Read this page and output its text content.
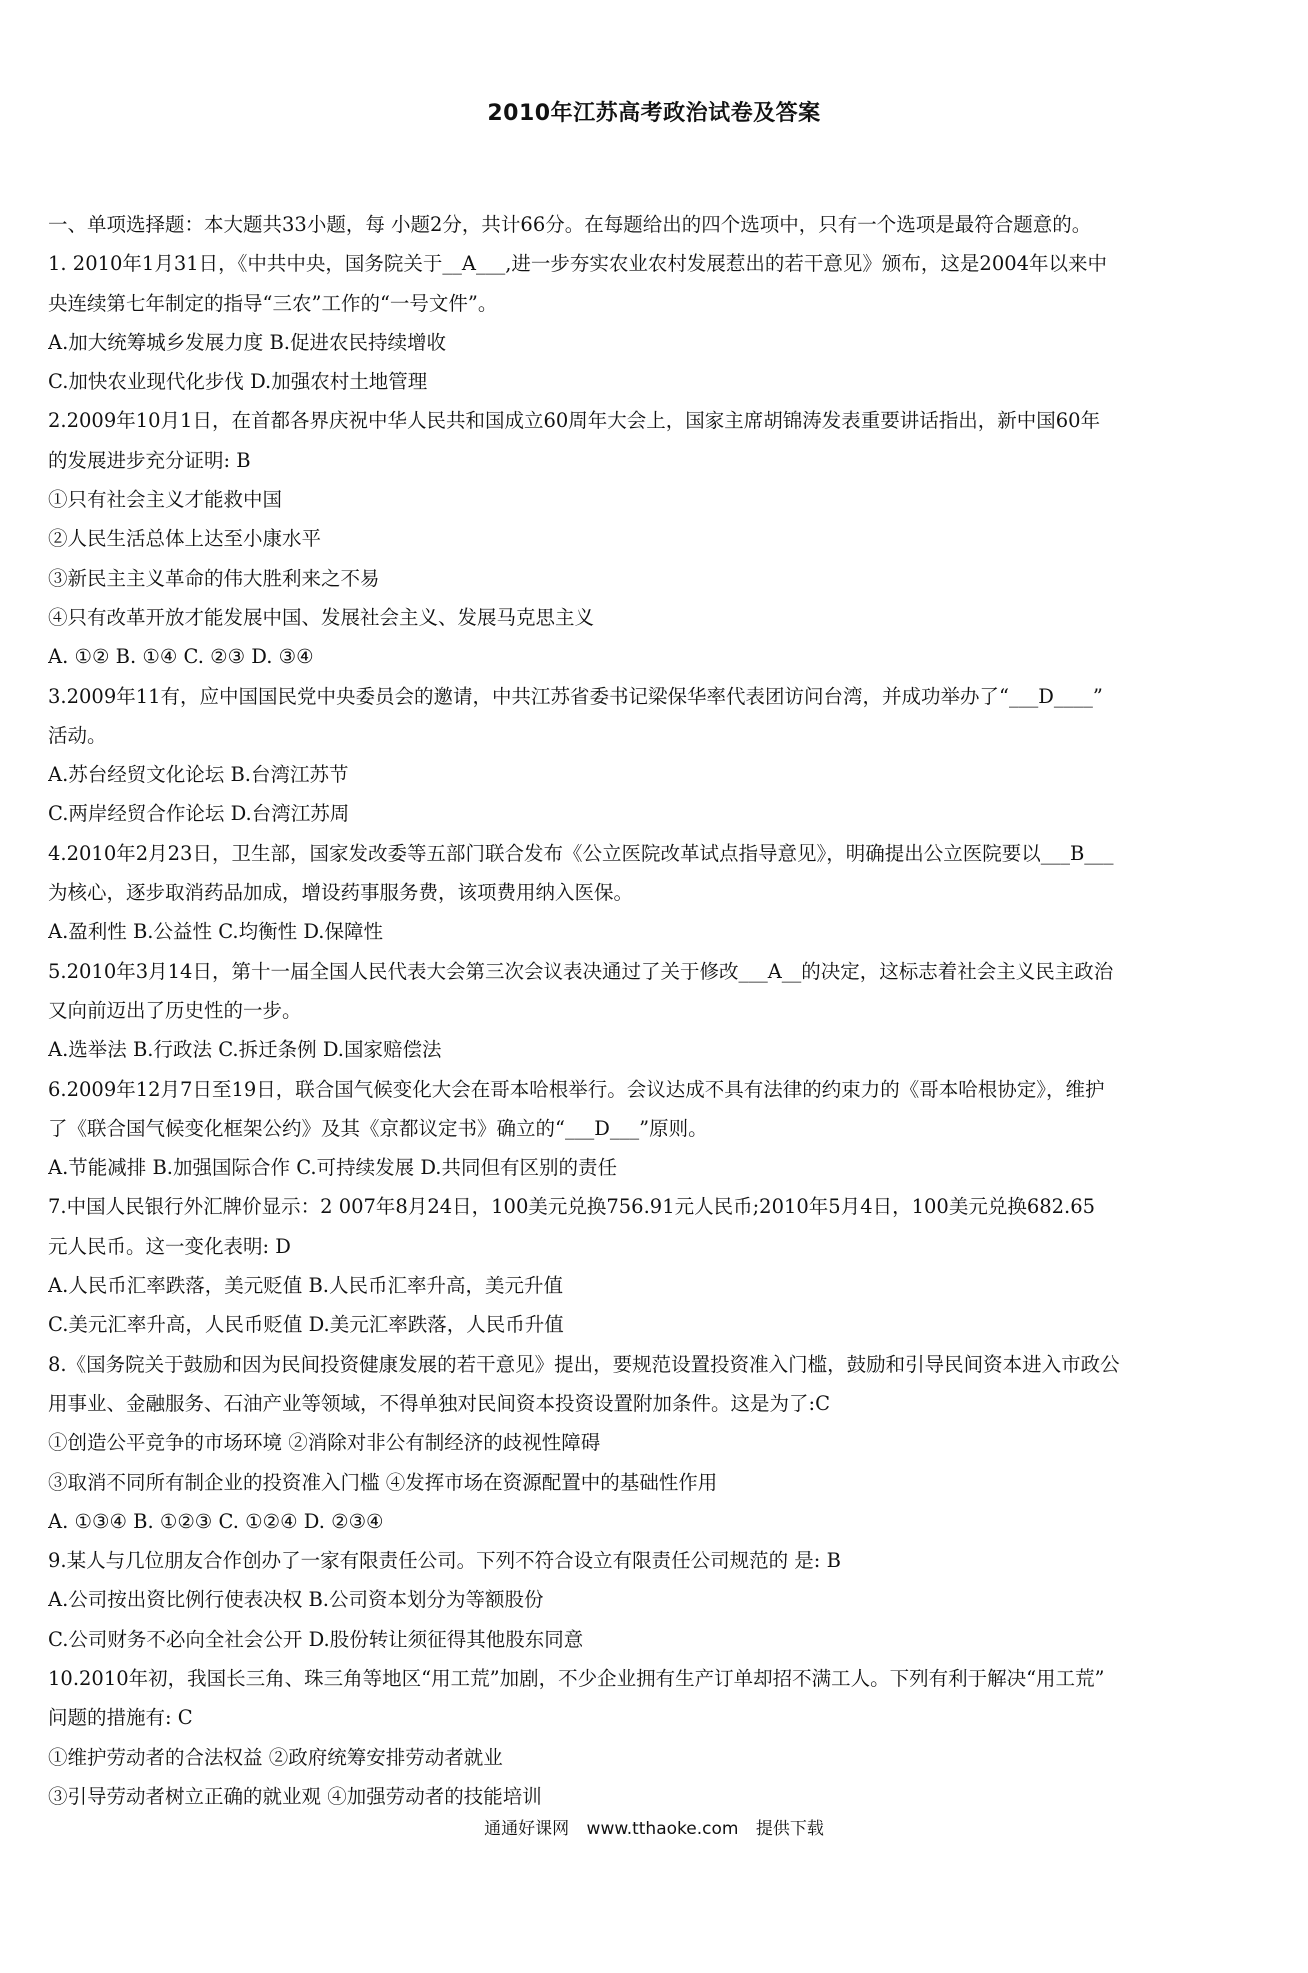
2010年江苏高考政治试卷及答案
一、单项选择题：本大题共33小题，每 小题2分，共计66分。在每题给出的四个选项中，只有一个选项是最符合题意的。
1. 2010年1月31日，《中共中央，国务院关于__A___,进一步夯实农业农村发展惹出的若干意见》颁布，这是2004年以来中
央连续第七年制定的指导“三农”工作的“一号文件”。
A.加大统筹城乡发展力度 B.促进农民持续增收
C.加快农业现代化步伐 D.加强农村土地管理
2.2009年10月1日，在首都各界庆祝中华人民共和国成立60周年大会上，国家主席胡锦涛发表重要讲话指出，新中国60年
的发展进步充分证明: B
①只有社会主义才能救中国
②人民生活总体上达至小康水平
③新民主主义革命的伟大胜利来之不易
④只有改革开放才能发展中国、发展社会主义、发展马克思主义
A. ①② B. ①④ C. ②③ D. ③④
3.2009年11有，应中国国民党中央委员会的邀请，中共江苏省委书记梁保华率代表团访问台湾，并成功举办了“___D____”
活动。
A.苏台经贸文化论坛 B.台湾江苏节
C.两岸经贸合作论坛 D.台湾江苏周
4.2010年2月23日，卫生部，国家发改委等五部门联合发布《公立医院改革试点指导意见》，明确提出公立医院要以___B___
为核心，逐步取消药品加成，增设药事服务费，该项费用纳入医保。
A.盈利性 B.公益性 C.均衡性 D.保障性
5.2010年3月14日，第十一届全国人民代表大会第三次会议表决通过了关于修改___A__的决定，这标志着社会主义民主政治
又向前迈出了历史性的一步。
A.选举法 B.行政法 C.拆迁条例 D.国家赔偿法
6.2009年12月7日至19日，联合国气候变化大会在哥本哈根举行。会议达成不具有法律的约束力的《哥本哈根协定》，维护
了《联合国气候变化框架公约》及其《京都议定书》确立的“___D___”原则。
A.节能减排 B.加强国际合作 C.可持续发展 D.共同但有区别的责任
7.中国人民银行外汇牌价显示：2 007年8月24日，100美元兑换756.91元人民币;2010年5月4日，100美元兑换682.65
元人民币。这一变化表明: D
A.人民币汇率跌落，美元贬值 B.人民币汇率升高，美元升值
C.美元汇率升高，人民币贬值 D.美元汇率跌落，人民币升值
8.《国务院关于鼓励和因为民间投资健康发展的若干意见》提出，要规范设置投资准入门槛，鼓励和引导民间资本进入市政公
用事业、金融服务、石油产业等领域，不得单独对民间资本投资设置附加条件。这是为了:C
①创造公平竞争的市场环境 ②消除对非公有制经济的歧视性障碍
③取消不同所有制企业的投资准入门槛 ④发挥市场在资源配置中的基础性作用
A. ①③④ B. ①②③ C. ①②④ D. ②③④
9.某人与几位朋友合作创办了一家有限责任公司。下列不符合设立有限责任公司规范的 是: B
A.公司按出资比例行使表决权 B.公司资本划分为等额股份
C.公司财务不必向全社会公开 D.股份转让须征得其他股东同意
10.2010年初，我国长三角、珠三角等地区“用工荒”加剧，不少企业拥有生产订单却招不满工人。下列有利于解决“用工荒”
问题的措施有: C
①维护劳动者的合法权益 ②政府统筹安排劳动者就业
③引导劳动者树立正确的就业观 ④加强劳动者的技能培训
通通好课网 www.tthaoke.com 提供下载
